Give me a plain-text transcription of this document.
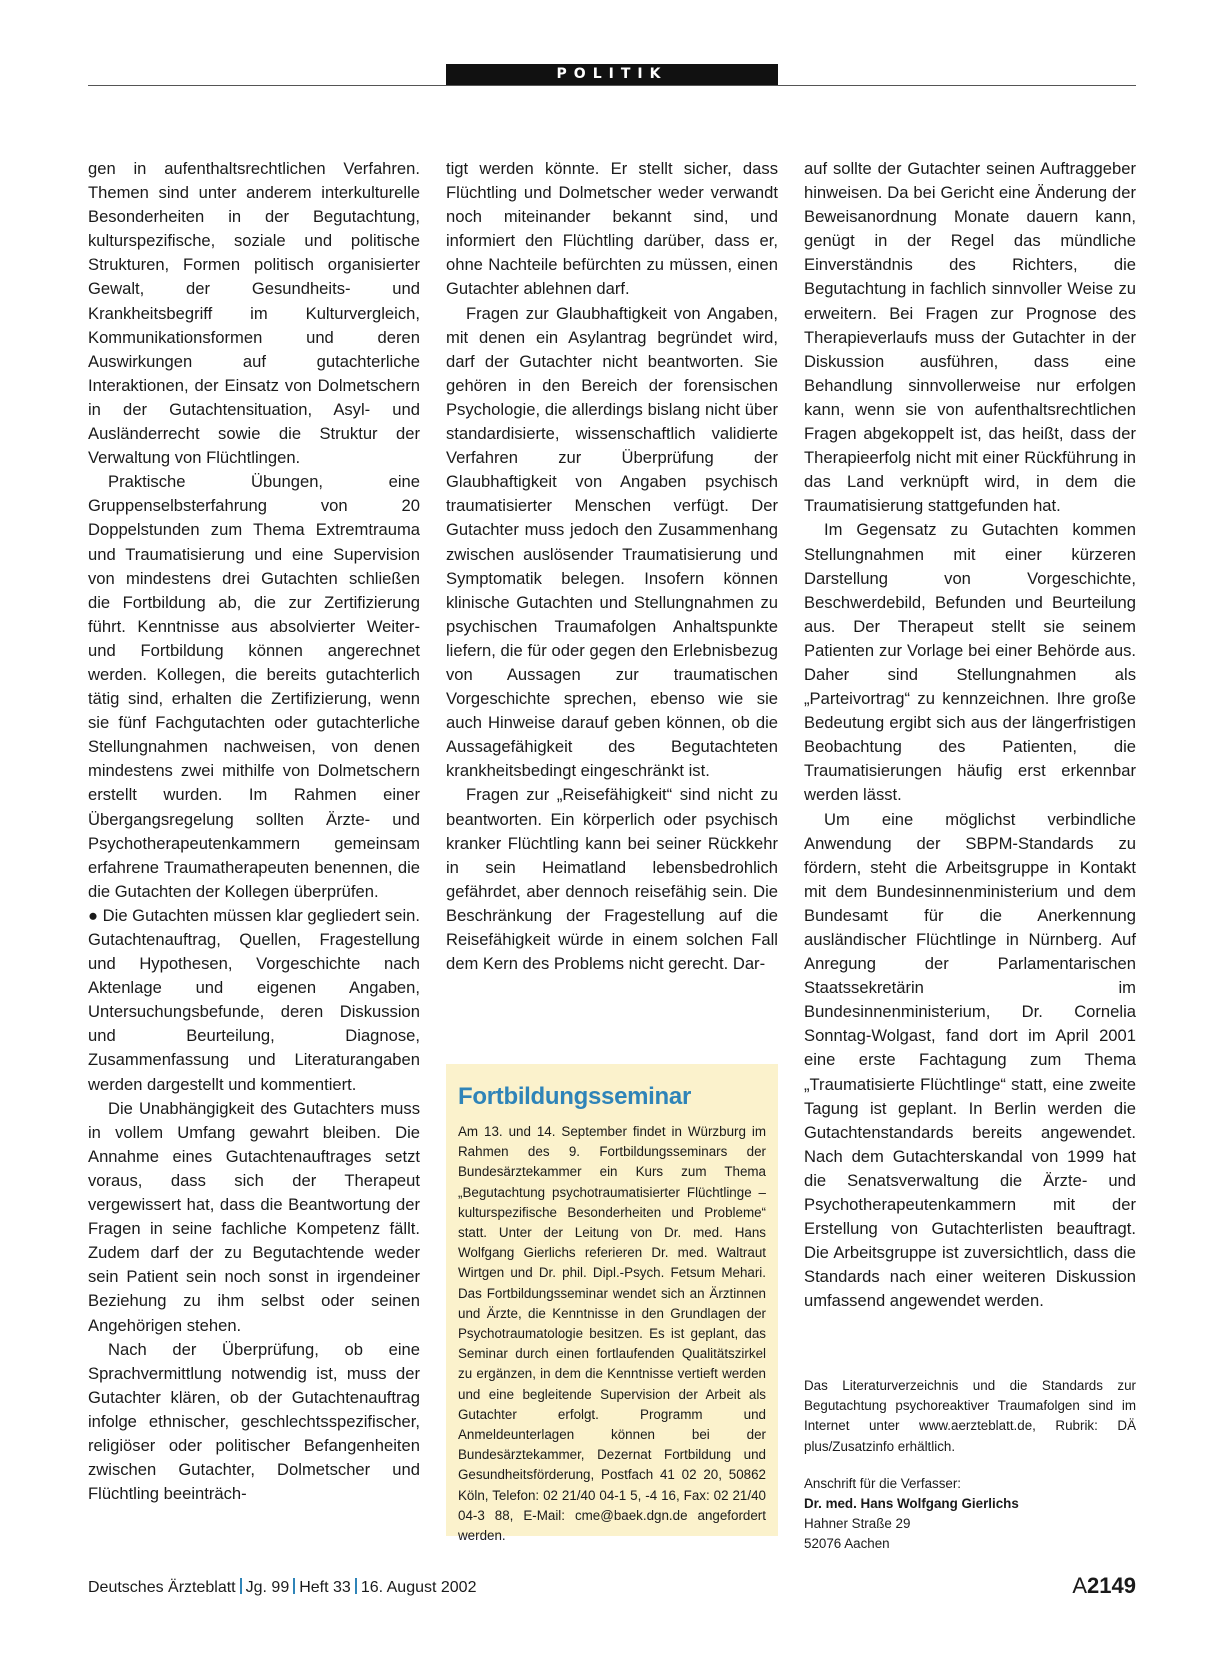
POLITIK

gen in aufenthaltsrechtlichen Verfahren. Themen sind unter anderem interkulturelle Besonderheiten in der Begutachtung, kulturspezifische, soziale und politische Strukturen, Formen politisch organisierter Gewalt, der Gesundheits- und Krankheitsbegriff im Kulturvergleich, Kommunikationsformen und deren Auswirkungen auf gutachterliche Interaktionen, der Einsatz von Dolmetschern in der Gutachtensituation, Asyl- und Ausländerrecht sowie die Struktur der Verwaltung von Flüchtlingen.

Praktische Übungen, eine Gruppenselbsterfahrung von 20 Doppelstunden zum Thema Extremtrauma und Traumatisierung und eine Supervision von mindestens drei Gutachten schließen die Fortbildung ab, die zur Zertifizierung führt. Kenntnisse aus absolvierter Weiter- und Fortbildung können angerechnet werden. Kollegen, die bereits gutachterlich tätig sind, erhalten die Zertifizierung, wenn sie fünf Fachgutachten oder gutachterliche Stellungnahmen nachweisen, von denen mindestens zwei mithilfe von Dolmetschern erstellt wurden. Im Rahmen einer Übergangsregelung sollten Ärzte- und Psychotherapeutenkammern gemeinsam erfahrene Traumatherapeuten benennen, die die Gutachten der Kollegen überprüfen.

● Die Gutachten müssen klar gegliedert sein. Gutachtenauftrag, Quellen, Fragestellung und Hypothesen, Vorgeschichte nach Aktenlage und eigenen Angaben, Untersuchungsbefunde, deren Diskussion und Beurteilung, Diagnose, Zusammenfassung und Literaturangaben werden dargestellt und kommentiert.

Die Unabhängigkeit des Gutachters muss in vollem Umfang gewahrt bleiben. Die Annahme eines Gutachtenauftrages setzt voraus, dass sich der Therapeut vergewissert hat, dass die Beantwortung der Fragen in seine fachliche Kompetenz fällt. Zudem darf der zu Begutachtende weder sein Patient sein noch sonst in irgendeiner Beziehung zu ihm selbst oder seinen Angehörigen stehen.

Nach der Überprüfung, ob eine Sprachvermittlung notwendig ist, muss der Gutachter klären, ob der Gutachtenauftrag infolge ethnischer, geschlechtsspezifischer, religiöser oder politischer Befangenheiten zwischen Gutachter, Dolmetscher und Flüchtling beeinträch-

tigt werden könnte. Er stellt sicher, dass Flüchtling und Dolmetscher weder verwandt noch miteinander bekannt sind, und informiert den Flüchtling darüber, dass er, ohne Nachteile befürchten zu müssen, einen Gutachter ablehnen darf.

Fragen zur Glaubhaftigkeit von Angaben, mit denen ein Asylantrag begründet wird, darf der Gutachter nicht beantworten. Sie gehören in den Bereich der forensischen Psychologie, die allerdings bislang nicht über standardisierte, wissenschaftlich validierte Verfahren zur Überprüfung der Glaubhaftigkeit von Angaben psychisch traumatisierter Menschen verfügt. Der Gutachter muss jedoch den Zusammenhang zwischen auslösender Traumatisierung und Symptomatik belegen. Insofern können klinische Gutachten und Stellungnahmen zu psychischen Traumafolgen Anhaltspunkte liefern, die für oder gegen den Erlebnisbezug von Aussagen zur traumatischen Vorgeschichte sprechen, ebenso wie sie auch Hinweise darauf geben können, ob die Aussagefähigkeit des Begutachteten krankheitsbedingt eingeschränkt ist.

Fragen zur „Reisefähigkeit“ sind nicht zu beantworten. Ein körperlich oder psychisch kranker Flüchtling kann bei seiner Rückkehr in sein Heimatland lebensbedrohlich gefährdet, aber dennoch reisefähig sein. Die Beschränkung der Fragestellung auf die Reisefähigkeit würde in einem solchen Fall dem Kern des Problems nicht gerecht. Dar-

Fortbildungsseminar

Am 13. und 14. September findet in Würzburg im Rahmen des 9. Fortbildungsseminars der Bundesärztekammer ein Kurs zum Thema „Begutachtung psychotraumatisierter Flüchtlinge – kulturspezifische Besonderheiten und Probleme“ statt. Unter der Leitung von Dr. med. Hans Wolfgang Gierlichs referieren Dr. med. Waltraut Wirtgen und Dr. phil. Dipl.-Psych. Fetsum Mehari. Das Fortbildungsseminar wendet sich an Ärztinnen und Ärzte, die Kenntnisse in den Grundlagen der Psychotraumatologie besitzen. Es ist geplant, das Seminar durch einen fortlaufenden Qualitätszirkel zu ergänzen, in dem die Kenntnisse vertieft werden und eine begleitende Supervision der Arbeit als Gutachter erfolgt. Programm und Anmeldeunterlagen können bei der Bundesärztekammer, Dezernat Fortbildung und Gesundheitsförderung, Postfach 41 02 20, 50862 Köln, Telefon: 02 21/40 04-1 5, -4 16, Fax: 02 21/40 04-3 88, E-Mail: cme@baek.dgn.de angefordert werden.

auf sollte der Gutachter seinen Auftraggeber hinweisen. Da bei Gericht eine Änderung der Beweisanordnung Monate dauern kann, genügt in der Regel das mündliche Einverständnis des Richters, die Begutachtung in fachlich sinnvoller Weise zu erweitern. Bei Fragen zur Prognose des Therapieverlaufs muss der Gutachter in der Diskussion ausführen, dass eine Behandlung sinnvollerweise nur erfolgen kann, wenn sie von aufenthaltsrechtlichen Fragen abgekoppelt ist, das heißt, dass der Therapieerfolg nicht mit einer Rückführung in das Land verknüpft wird, in dem die Traumatisierung stattgefunden hat.

Im Gegensatz zu Gutachten kommen Stellungnahmen mit einer kürzeren Darstellung von Vorgeschichte, Beschwerdebild, Befunden und Beurteilung aus. Der Therapeut stellt sie seinem Patienten zur Vorlage bei einer Behörde aus. Daher sind Stellungnahmen als „Parteivortrag“ zu kennzeichnen. Ihre große Bedeutung ergibt sich aus der längerfristigen Beobachtung des Patienten, die Traumatisierungen häufig erst erkennbar werden lässt.

Um eine möglichst verbindliche Anwendung der SBPM-Standards zu fördern, steht die Arbeitsgruppe in Kontakt mit dem Bundesinnenministerium und dem Bundesamt für die Anerkennung ausländischer Flüchtlinge in Nürnberg. Auf Anregung der Parlamentarischen Staatssekretärin im Bundesinnenministerium, Dr. Cornelia Sonntag-Wolgast, fand dort im April 2001 eine erste Fachtagung zum Thema „Traumatisierte Flüchtlinge“ statt, eine zweite Tagung ist geplant. In Berlin werden die Gutachtenstandards bereits angewendet. Nach dem Gutachterskandal von 1999 hat die Senatsverwaltung die Ärzte- und Psychotherapeutenkammern mit der Erstellung von Gutachterlisten beauftragt. Die Arbeitsgruppe ist zuversichtlich, dass die Standards nach einer weiteren Diskussion umfassend angewendet werden.

Das Literaturverzeichnis und die Standards zur Begutachtung psychoreaktiver Traumafolgen sind im Internet unter www.aerzteblatt.de, Rubrik: DÄ plus/Zusatzinfo erhältlich.

Anschrift für die Verfasser:
Dr. med. Hans Wolfgang Gierlichs
Hahner Straße 29
52076 Aachen
Deutsches Ärzteblatt Jg. 99 Heft 33 16. August 2002	A2149
